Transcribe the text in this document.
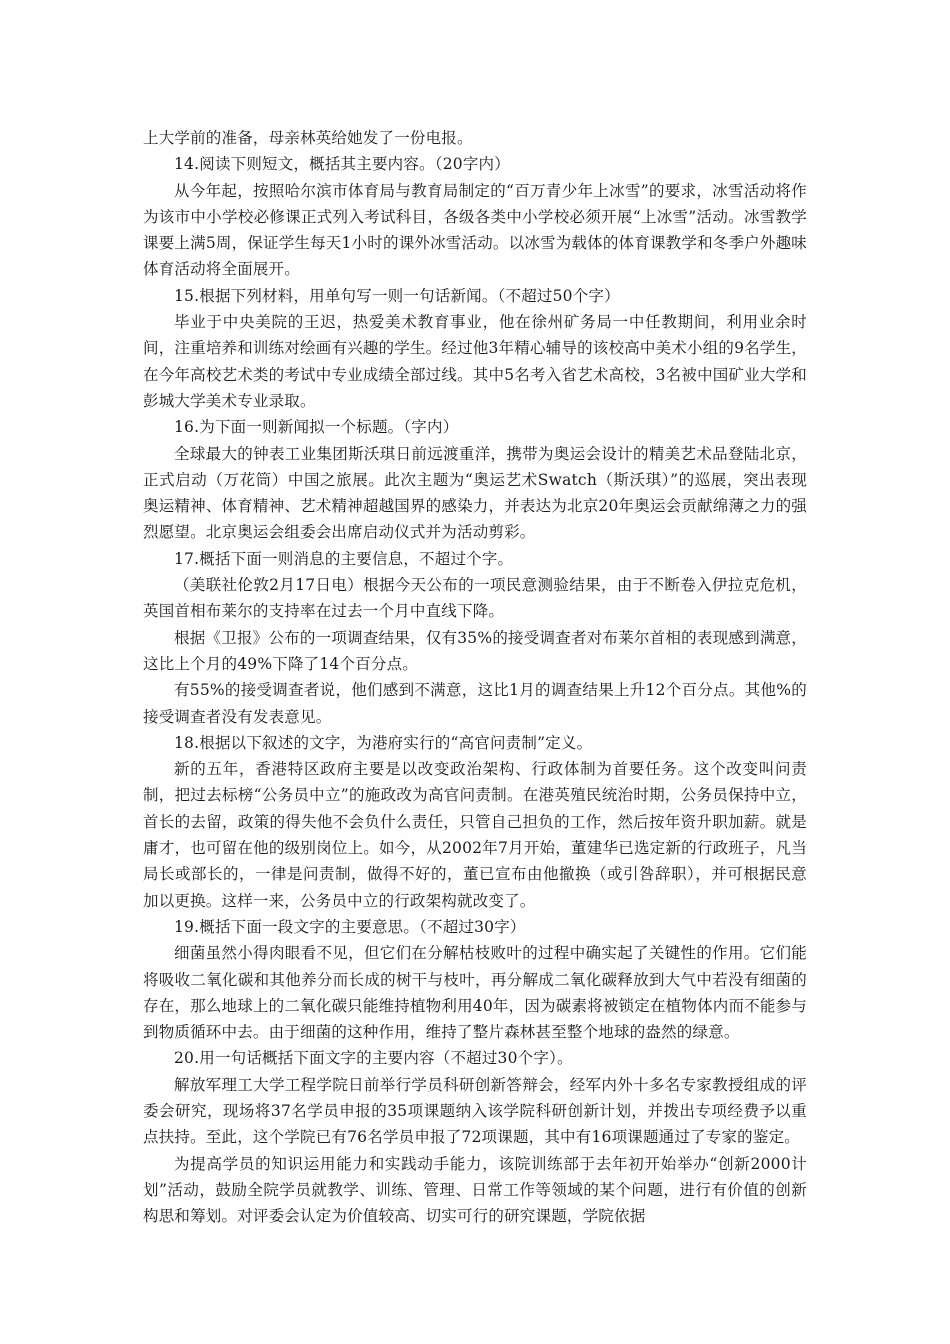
上大学前的准备，母亲林英给她发了一份电报。

14.阅读下则短文，概括其主要内容。（20字内）

从今年起，按照哈尔滨市体育局与教育局制定的“百万青少年上冰雪”的要求，冰雪活动将作为该市中小学校必修课正式列入考试科目，各级各类中小学校必须开展“上冰雪”活动。冰雪教学课要上满5周，保证学生每天1小时的课外冰雪活动。以冰雪为载体的体育课教学和冬季户外趣味体育活动将全面展开。

15.根据下列材料，用单句写一则一句话新闻。（不超过50个字）

毕业于中央美院的王迟，热爱美术教育事业，他在徐州矿务局一中任教期间，利用业余时间，注重培养和训练对绘画有兴趣的学生。经过他3年精心辅导的该校高中美术小组的9名学生，在今年高校艺术类的考试中专业成绩全部过线。其中5名考入省艺术高校，3名被中国矿业大学和彭城大学美术专业录取。

16.为下面一则新闻拟一个标题。（字内）

全球最大的钟表工业集团斯沃琪日前远渡重洋，携带为奥运会设计的精美艺术品登陆北京，正式启动（万花筒）中国之旅展。此次主题为“奥运艺术Swatch（斯沃琪）”的巡展，突出表现奥运精神、体育精神、艺术精神超越国界的感染力，并表达为北京20年奥运会贡献绵薄之力的强烈愿望。北京奥运会组委会出席启动仪式并为活动剪彩。

17.概括下面一则消息的主要信息，不超过个字。

（美联社伦敦2月17日电）根据今天公布的一项民意测验结果，由于不断卷入伊拉克危机，英国首相布莱尔的支持率在过去一个月中直线下降。

根据《卫报》公布的一项调查结果，仅有35%的接受调查者对布莱尔首相的表现感到满意，这比上个月的49%下降了14个百分点。

有55%的接受调查者说，他们感到不满意，这比1月的调查结果上升12个百分点。其他%的接受调查者没有发表意见。

18.根据以下叙述的文字，为港府实行的“高官问责制”定义。

新的五年，香港特区政府主要是以改变政治架构、行政体制为首要任务。这个改变叫问责制，把过去标榜“公务员中立”的施政改为高官问责制。在港英殖民统治时期，公务员保持中立，首长的去留，政策的得失他不会负什么责任，只管自己担负的工作，然后按年资升职加薪。就是庸才，也可留在他的级别岗位上。如今，从2002年7月开始，董建华已选定新的行政班子，凡当局长或部长的，一律是问责制，做得不好的，董已宣布由他撤换（或引咎辞职），并可根据民意加以更换。这样一来，公务员中立的行政架构就改变了。

19.概括下面一段文字的主要意思。（不超过30字）

细菌虽然小得肉眼看不见，但它们在分解枯枝败叶的过程中确实起了关键性的作用。它们能将吸收二氧化碳和其他养分而长成的树干与枝叶，再分解成二氧化碳释放到大气中若没有细菌的存在，那么地球上的二氧化碳只能维持植物利用40年，因为碳素将被锁定在植物体内而不能参与到物质循环中去。由于细菌的这种作用，维持了整片森林甚至整个地球的盎然的绿意。

20.用一句话概括下面文字的主要内容（不超过30个字）。

解放军理工大学工程学院日前举行学员科研创新答辩会，经军内外十多名专家教授组成的评委会研究，现场将37名学员申报的35项课题纳入该学院科研创新计划，并拨出专项经费予以重点扶持。至此，这个学院已有76名学员申报了72项课题，其中有16项课题通过了专家的鉴定。

为提高学员的知识运用能力和实践动手能力，该院训练部于去年初开始举办“创新2000计划”活动，鼓励全院学员就教学、训练、管理、日常工作等领域的某个问题，进行有价值的创新构思和筹划。对评委会认定为价值较高、切实可行的研究课题，学院依据
